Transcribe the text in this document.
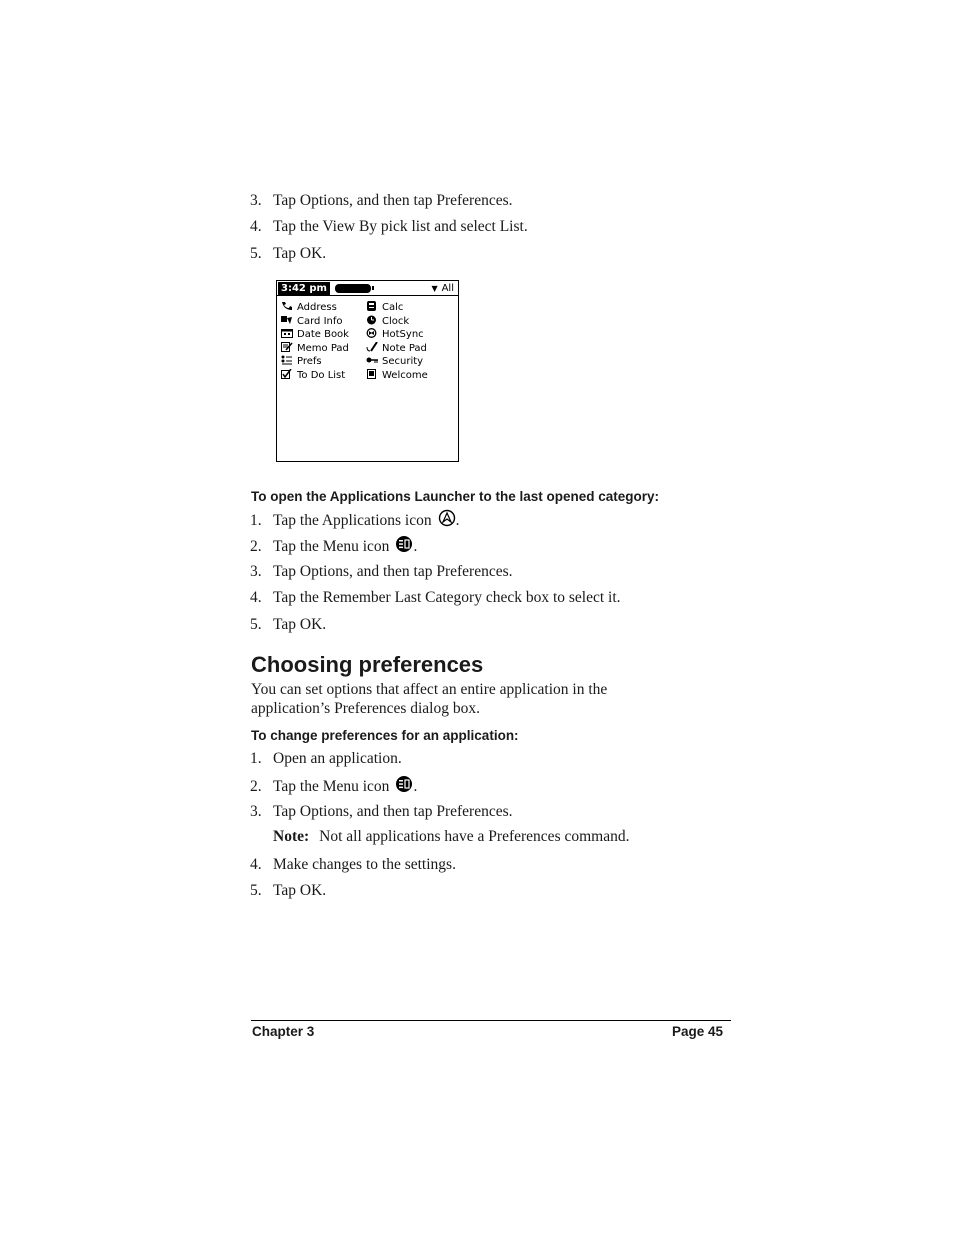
3. Tap Options, and then tap Preferences.
4. Tap the View By pick list and select List.
5. Tap OK.
3:42 pm	▼ All
Address
Card Info
Date Book
Memo Pad
Prefs
To Do List
Calc
Clock
HotSync
Note Pad
Security
Welcome
To open the Applications Launcher to the last opened category:
1. Tap the Applications icon .
2. Tap the Menu icon .
3. Tap Options, and then tap Preferences.
4. Tap the Remember Last Category check box to select it.
5. Tap OK.
Choosing preferences
You can set options that affect an entire application in the application’s Preferences dialog box.
To change preferences for an application:
1. Open an application.
2. Tap the Menu icon .
3. Tap Options, and then tap Preferences.
Note: Not all applications have a Preferences command.
4. Make changes to the settings.
5. Tap OK.
Chapter 3	Page 45
